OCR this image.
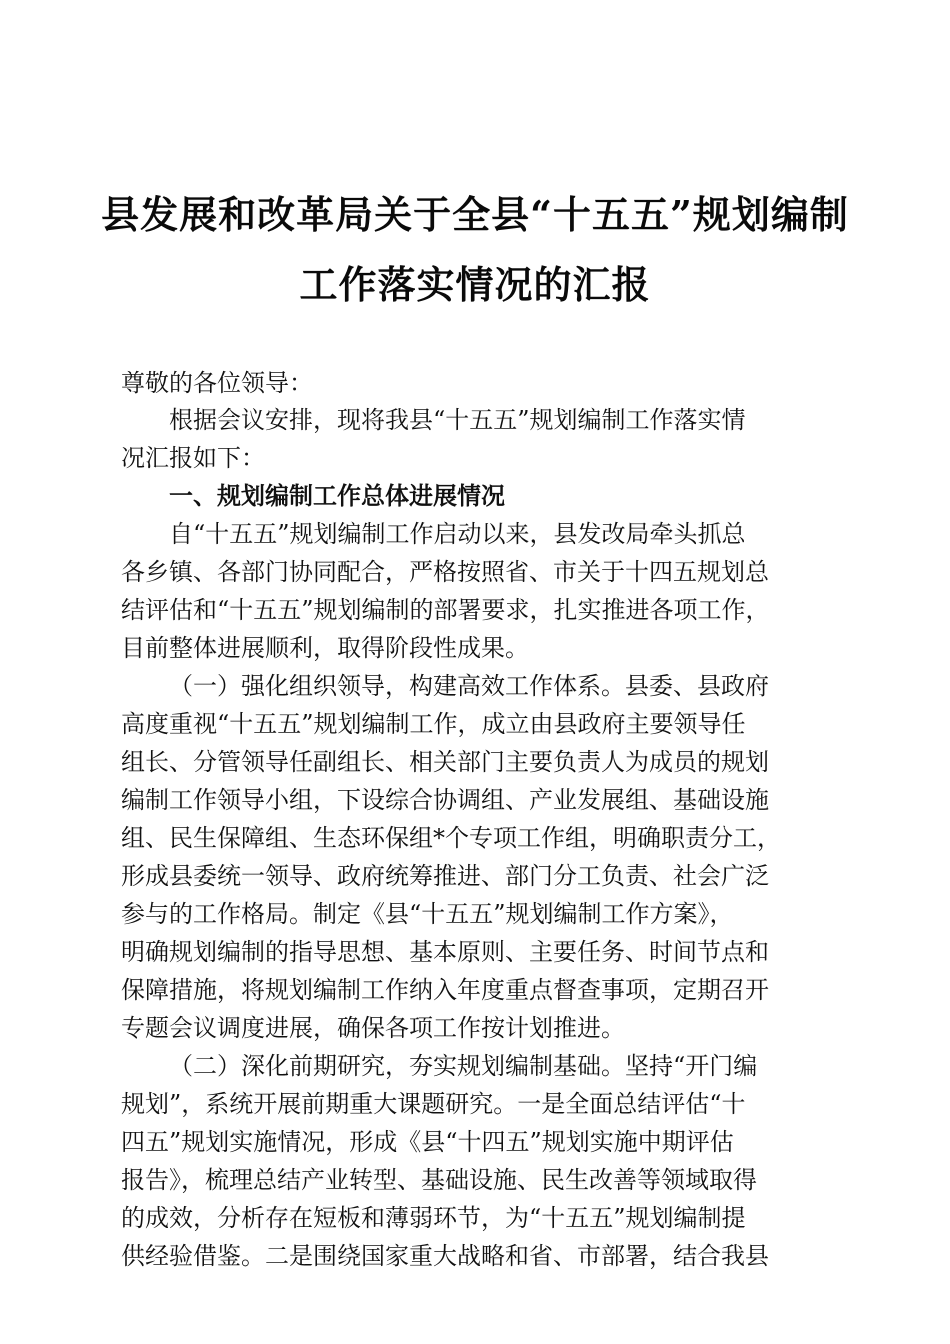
县发展和改革局关于全县“十五五”规划编制
工作落实情况的汇报
尊敬的各位领导：
根据会议安排，现将我县“十五五”规划编制工作落实情
况汇报如下：
一、规划编制工作总体进展情况
自“十五五”规划编制工作启动以来，县发改局牵头抓总
各乡镇、各部门协同配合，严格按照省、市关于十四五规划总
结评估和“十五五”规划编制的部署要求，扎实推进各项工作，
目前整体进展顺利，取得阶段性成果。
（一）强化组织领导，构建高效工作体系。县委、县政府
高度重视“十五五”规划编制工作，成立由县政府主要领导任
组长、分管领导任副组长、相关部门主要负责人为成员的规划
编制工作领导小组，下设综合协调组、产业发展组、基础设施
组、民生保障组、生态环保组*个专项工作组，明确职责分工，
形成县委统一领导、政府统筹推进、部门分工负责、社会广泛
参与的工作格局。制定《县“十五五”规划编制工作方案》，
明确规划编制的指导思想、基本原则、主要任务、时间节点和
保障措施，将规划编制工作纳入年度重点督查事项，定期召开
专题会议调度进展，确保各项工作按计划推进。
（二）深化前期研究，夯实规划编制基础。坚持“开门编
规划”，系统开展前期重大课题研究。一是全面总结评估“十
四五”规划实施情况，形成《县“十四五”规划实施中期评估
报告》，梳理总结产业转型、基础设施、民生改善等领域取得
的成效，分析存在短板和薄弱环节，为“十五五”规划编制提
供经验借鉴。二是围绕国家重大战略和省、市部署，结合我县
